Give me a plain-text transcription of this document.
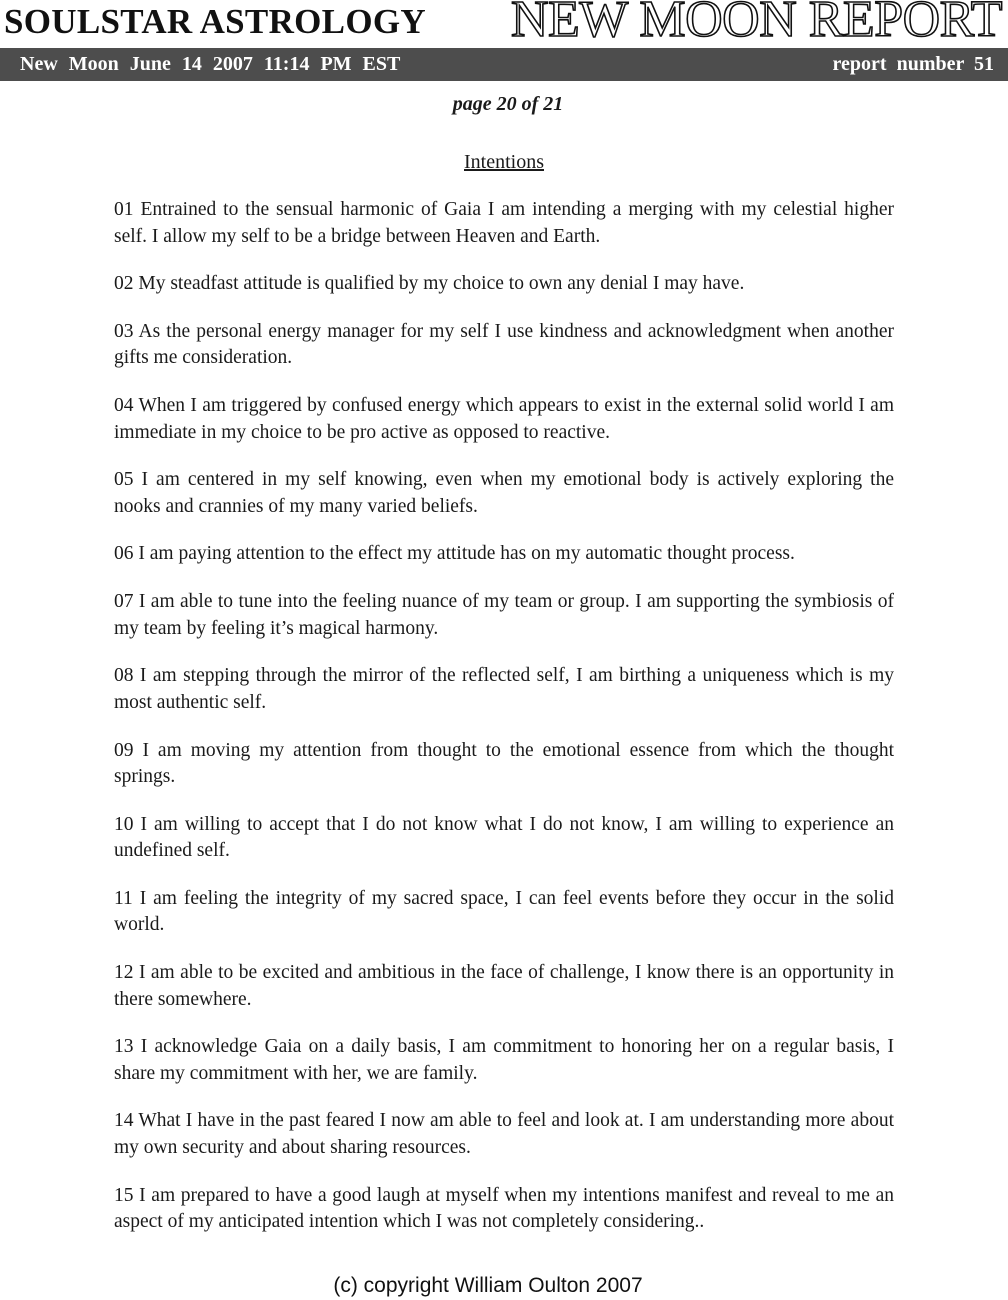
SOULSTAR ASTROLOGY NEW MOON REPORT
New Moon June 14 2007 11:14 PM EST	report number 51
page 20 of 21
Intentions
01 Entrained to the sensual harmonic of Gaia I am intending a merging with my celestial higher self. I allow my self to be a bridge between Heaven and Earth.
02 My steadfast attitude is qualified by my choice to own any denial I may have.
03 As the personal energy manager for my self I use kindness and acknowledgment when another gifts me consideration.
04 When I am triggered by confused energy which appears to exist in the external solid world I am immediate in my choice to be pro active as opposed to reactive.
05 I am centered in my self knowing, even when my emotional body is actively exploring the nooks and crannies of my many varied beliefs.
06 I am paying attention to the effect my attitude has on my automatic thought process.
07 I am able to tune into the feeling nuance of my team or group. I am supporting the symbiosis of my team by feeling it’s magical harmony.
08 I am stepping through the mirror of the reflected self, I am birthing a uniqueness which is my most authentic self.
09 I am moving my attention from thought to the emotional essence from which the thought springs.
10 I am willing to accept that I do not know what I do not know, I am willing to experience an undefined self.
11 I am feeling the integrity of my sacred space, I can feel events before they occur in the solid world.
12 I am able to be excited and ambitious in the face of challenge, I know there is an opportunity in there somewhere.
13 I acknowledge Gaia on a daily basis, I am commitment to honoring her on a regular basis, I share my commitment with her, we are family.
14 What I have in the past feared I now am able to feel and look at. I am understanding more about my own security and about sharing resources.
15 I am prepared to have a good laugh at myself when my intentions manifest and reveal to me an aspect of my anticipated intention which I was not completely considering..
(c) copyright William Oulton 2007
